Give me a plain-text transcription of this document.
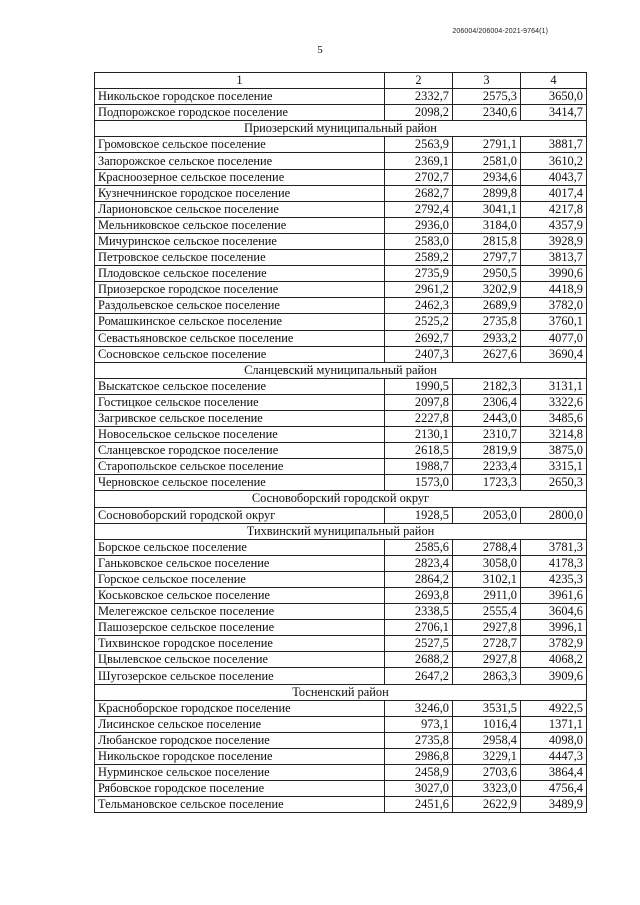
206004/206004-2021-9764(1)
5
1	2	3	4
Никольское городское поселение	2332,7	2575,3	3650,0
Подпорожское городское поселение	2098,2	2340,6	3414,7
Приозерский муниципальный район			
Громовское сельское поселение	2563,9	2791,1	3881,7
Запорожское сельское поселение	2369,1	2581,0	3610,2
Красноозерное сельское поселение	2702,7	2934,6	4043,7
Кузнечнинское городское поселение	2682,7	2899,8	4017,4
Ларионовское сельское поселение	2792,4	3041,1	4217,8
Мельниковское сельское поселение	2936,0	3184,0	4357,9
Мичуринское сельское поселение	2583,0	2815,8	3928,9
Петровское сельское поселение	2589,2	2797,7	3813,7
Плодовское сельское поселение	2735,9	2950,5	3990,6
Приозерское городское поселение	2961,2	3202,9	4418,9
Раздольевское сельское поселение	2462,3	2689,9	3782,0
Ромашкинское сельское поселение	2525,2	2735,8	3760,1
Севастьяновское сельское поселение	2692,7	2933,2	4077,0
Сосновское сельское поселение	2407,3	2627,6	3690,4
Сланцевский муниципальный район			
Выскатское сельское поселение	1990,5	2182,3	3131,1
Гостицкое сельское поселение	2097,8	2306,4	3322,6
Загривское сельское поселение	2227,8	2443,0	3485,6
Новосельское сельское поселение	2130,1	2310,7	3214,8
Сланцевское городское поселение	2618,5	2819,9	3875,0
Старопольское сельское поселение	1988,7	2233,4	3315,1
Черновское сельское поселение	1573,0	1723,3	2650,3
Сосновоборский городской округ			
Сосновоборский городской округ	1928,5	2053,0	2800,0
Тихвинский муниципальный район			
Борское сельское поселение	2585,6	2788,4	3781,3
Ганьковское сельское поселение	2823,4	3058,0	4178,3
Горское сельское поселение	2864,2	3102,1	4235,3
Коськовское сельское поселение	2693,8	2911,0	3961,6
Мелегежское сельское поселение	2338,5	2555,4	3604,6
Пашозерское сельское поселение	2706,1	2927,8	3996,1
Тихвинское городское поселение	2527,5	2728,7	3782,9
Цвылевское сельское поселение	2688,2	2927,8	4068,2
Шугозерское сельское поселение	2647,2	2863,3	3909,6
Тосненский район			
Красноборское городское поселение	3246,0	3531,5	4922,5
Лисинское сельское поселение	973,1	1016,4	1371,1
Любанское городское поселение	2735,8	2958,4	4098,0
Никольское городское поселение	2986,8	3229,1	4447,3
Нурминское сельское поселение	2458,9	2703,6	3864,4
Рябовское городское поселение	3027,0	3323,0	4756,4
Тельмановское сельское поселение	2451,6	2622,9	3489,9
